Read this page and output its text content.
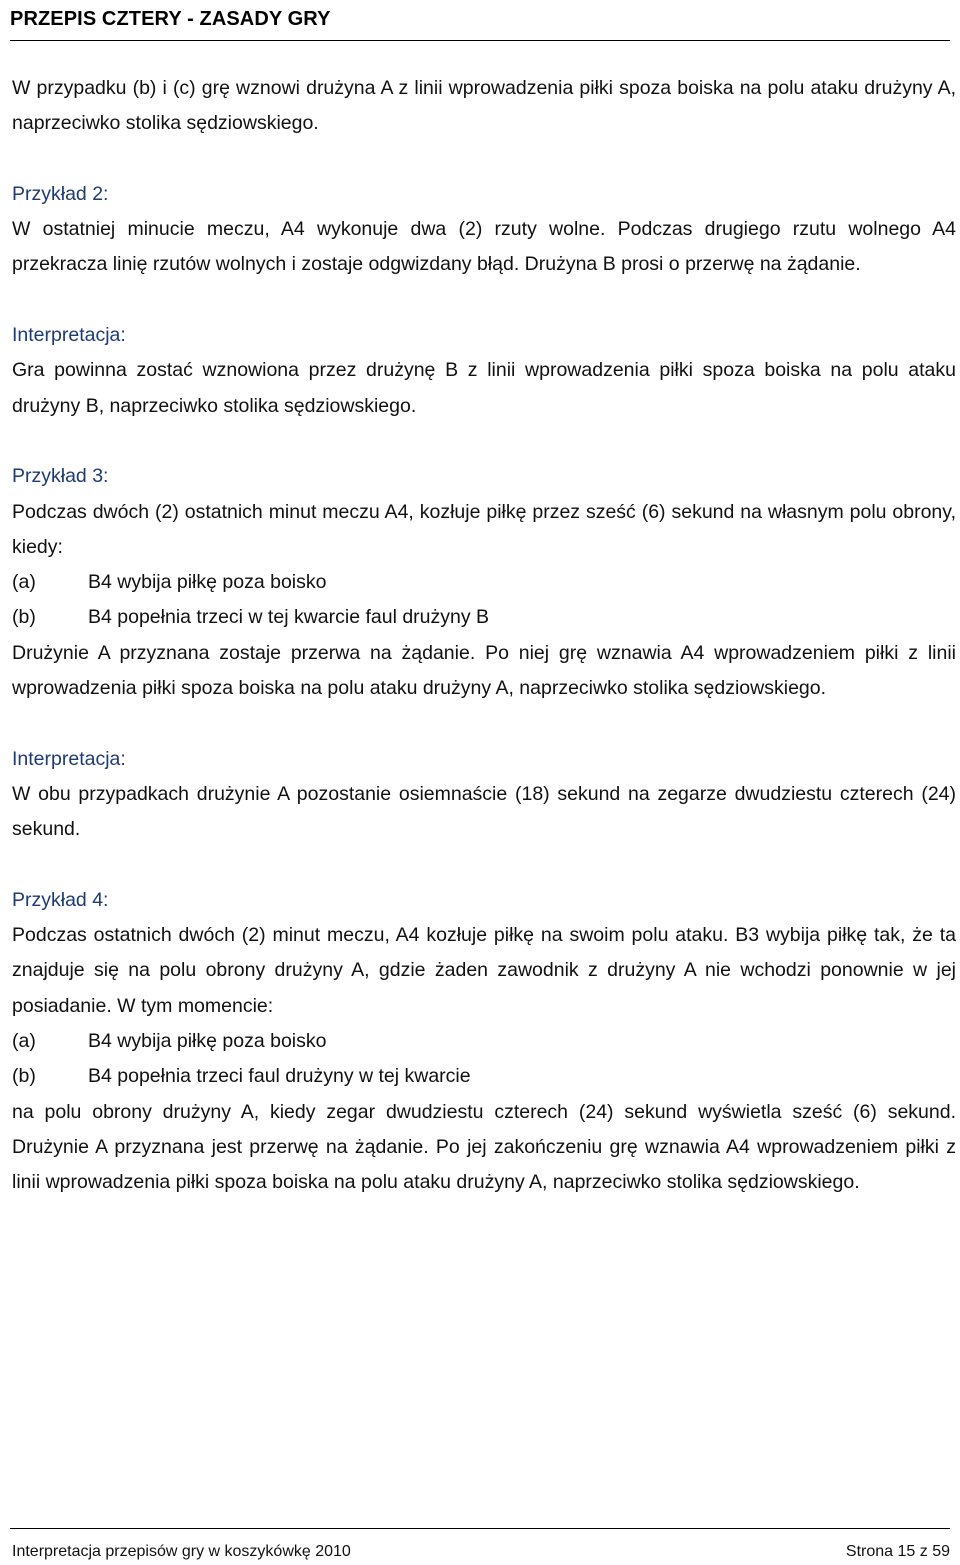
PRZEPIS CZTERY - ZASADY GRY

W przypadku (b) i (c) grę wznowi drużyna A z linii wprowadzenia piłki spoza boiska na polu ataku drużyny A, naprzeciwko stolika sędziowskiego.

Przykład 2:

W ostatniej minucie meczu, A4 wykonuje dwa (2) rzuty wolne. Podczas drugiego rzutu wolnego A4 przekracza linię rzutów wolnych i zostaje odgwizdany błąd. Drużyna B prosi o przerwę na żądanie.

Interpretacja:

Gra powinna zostać wznowiona przez drużynę B z linii wprowadzenia piłki spoza boiska na polu ataku drużyny B, naprzeciwko stolika sędziowskiego.

Przykład 3:

Podczas dwóch (2) ostatnich minut meczu A4, kozłuje piłkę przez sześć (6) sekund na własnym polu obrony, kiedy:

(a)	B4 wybija piłkę poza boisko
(b)	B4 popełnia trzeci w tej kwarcie faul drużyny B

Drużynie A przyznana zostaje przerwa na żądanie. Po niej grę wznawia A4 wprowadzeniem piłki z linii wprowadzenia piłki spoza boiska na polu ataku drużyny A, naprzeciwko stolika sędziowskiego.

Interpretacja:

W obu przypadkach drużynie A pozostanie osiemnaście (18) sekund na zegarze dwudziestu czterech (24) sekund.

Przykład 4:

Podczas ostatnich dwóch (2) minut meczu, A4 kozłuje piłkę na swoim polu ataku. B3 wybija piłkę tak, że ta znajduje się na polu obrony drużyny A, gdzie żaden zawodnik z drużyny A nie wchodzi ponownie w jej posiadanie. W tym momencie:

(a)	B4 wybija piłkę poza boisko
(b)	B4 popełnia trzeci faul drużyny w tej kwarcie

na polu obrony drużyny A, kiedy zegar dwudziestu czterech (24) sekund wyświetla sześć (6) sekund. Drużynie A przyznana jest przerwę na żądanie. Po jej zakończeniu grę wznawia A4 wprowadzeniem piłki z linii wprowadzenia piłki spoza boiska na polu ataku drużyny A, naprzeciwko stolika sędziowskiego.

Interpretacja przepisów gry w koszykówkę 2010	Strona 15 z 59
